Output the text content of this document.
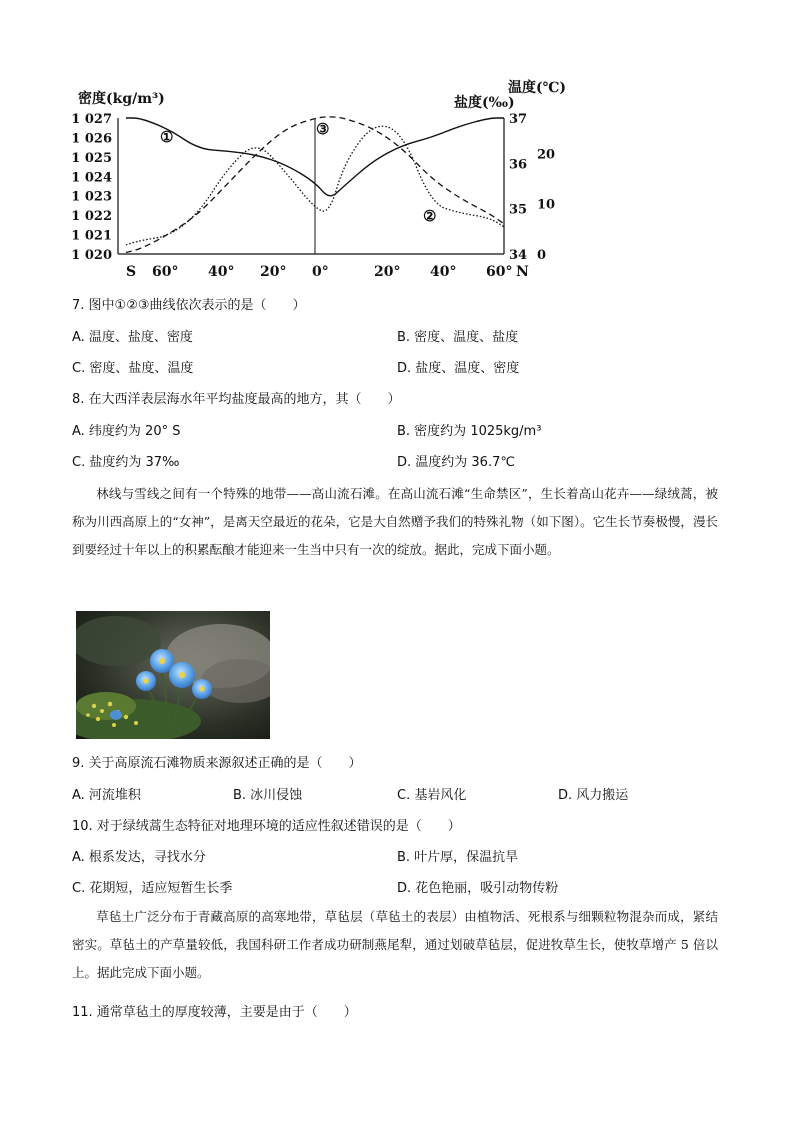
密度(kg/m³)	盐度(‰)
温度(℃)
1 027
1 026
1 025
1 024
1 023
1 022
1 021
1 020
37
36
35
34
20
10
0
S 60° 40° 20° 0°	20° 40° 60° N
①
②
③
7. 图中①②③曲线依次表示的是（　　）
A. 温度、盐度、密度	B. 密度、温度、盐度
C. 密度、盐度、温度	D. 盐度、温度、密度
8. 在大西洋表层海水年平均盐度最高的地方，其（　　）
A. 纬度约为 20° S	B. 密度约为 1025kg/m³
C. 盐度约为 37‰	D. 温度约为 36.7℃
林线与雪线之间有一个特殊的地带——高山流石滩。在高山流石滩“生命禁区”，生长着高山花卉——绿绒蒿，被称为川西高原上的“女神”，是离天空最近的花朵，它是大自然赠予我们的特殊礼物（如下图）。它生长节奏极慢，漫长到要经过十年以上的积累酝酿才能迎来一生当中只有一次的绽放。据此，完成下面小题。
9. 关于高原流石滩物质来源叙述正确的是（　　）
A. 河流堆积	B. 冰川侵蚀	C. 基岩风化	D. 风力搬运
10. 对于绿绒蒿生态特征对地理环境的适应性叙述错误的是（　　）
A. 根系发达，寻找水分	B. 叶片厚，保温抗旱
C. 花期短，适应短暂生长季	D. 花色艳丽，吸引动物传粉
草毡土广泛分布于青藏高原的高寒地带，草毡层（草毡土的表层）由植物活、死根系与细颗粒物混杂而成，紧结密实。草毡土的产草量较低，我国科研工作者成功研制燕尾犁，通过划破草毡层，促进牧草生长，使牧草增产 5 倍以上。据此完成下面小题。
11. 通常草毡土的厚度较薄，主要是由于（　　）
